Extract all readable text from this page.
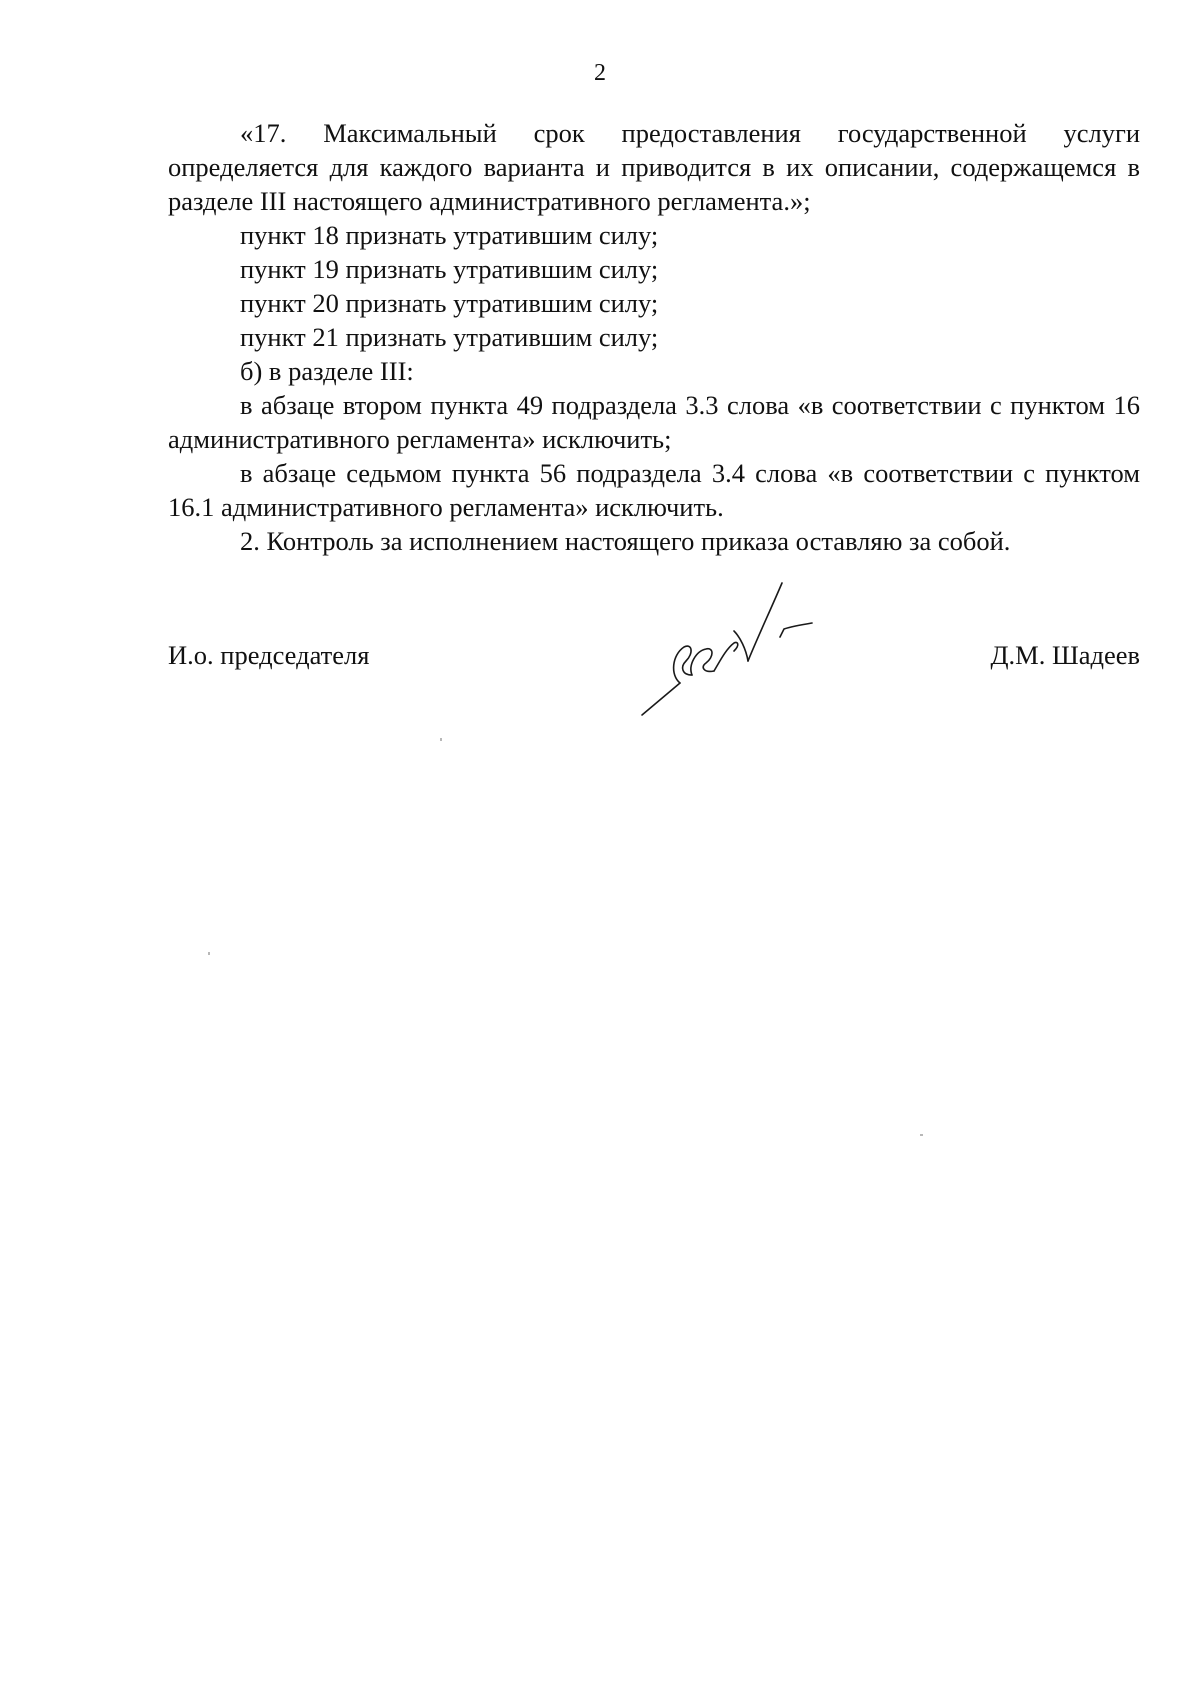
2

«17. Максимальный срок предоставления государственной услуги определяется для каждого варианта и приводится в их описании, содержащемся в разделе III настоящего административного регламента.»;

пункт 18 признать утратившим силу;

пункт 19 признать утратившим силу;

пункт 20 признать утратившим силу;

пункт 21 признать утратившим силу;

б) в разделе III:

в абзаце втором пункта 49 подраздела 3.3 слова «в соответствии с пунктом 16 административного регламента» исключить;

в абзаце седьмом пункта 56 подраздела 3.4 слова «в соответствии с пунктом 16.1 административного регламента» исключить.

2. Контроль за исполнением настоящего приказа оставляю за собой.

И.о. председателя	Д.М. Шадеев
